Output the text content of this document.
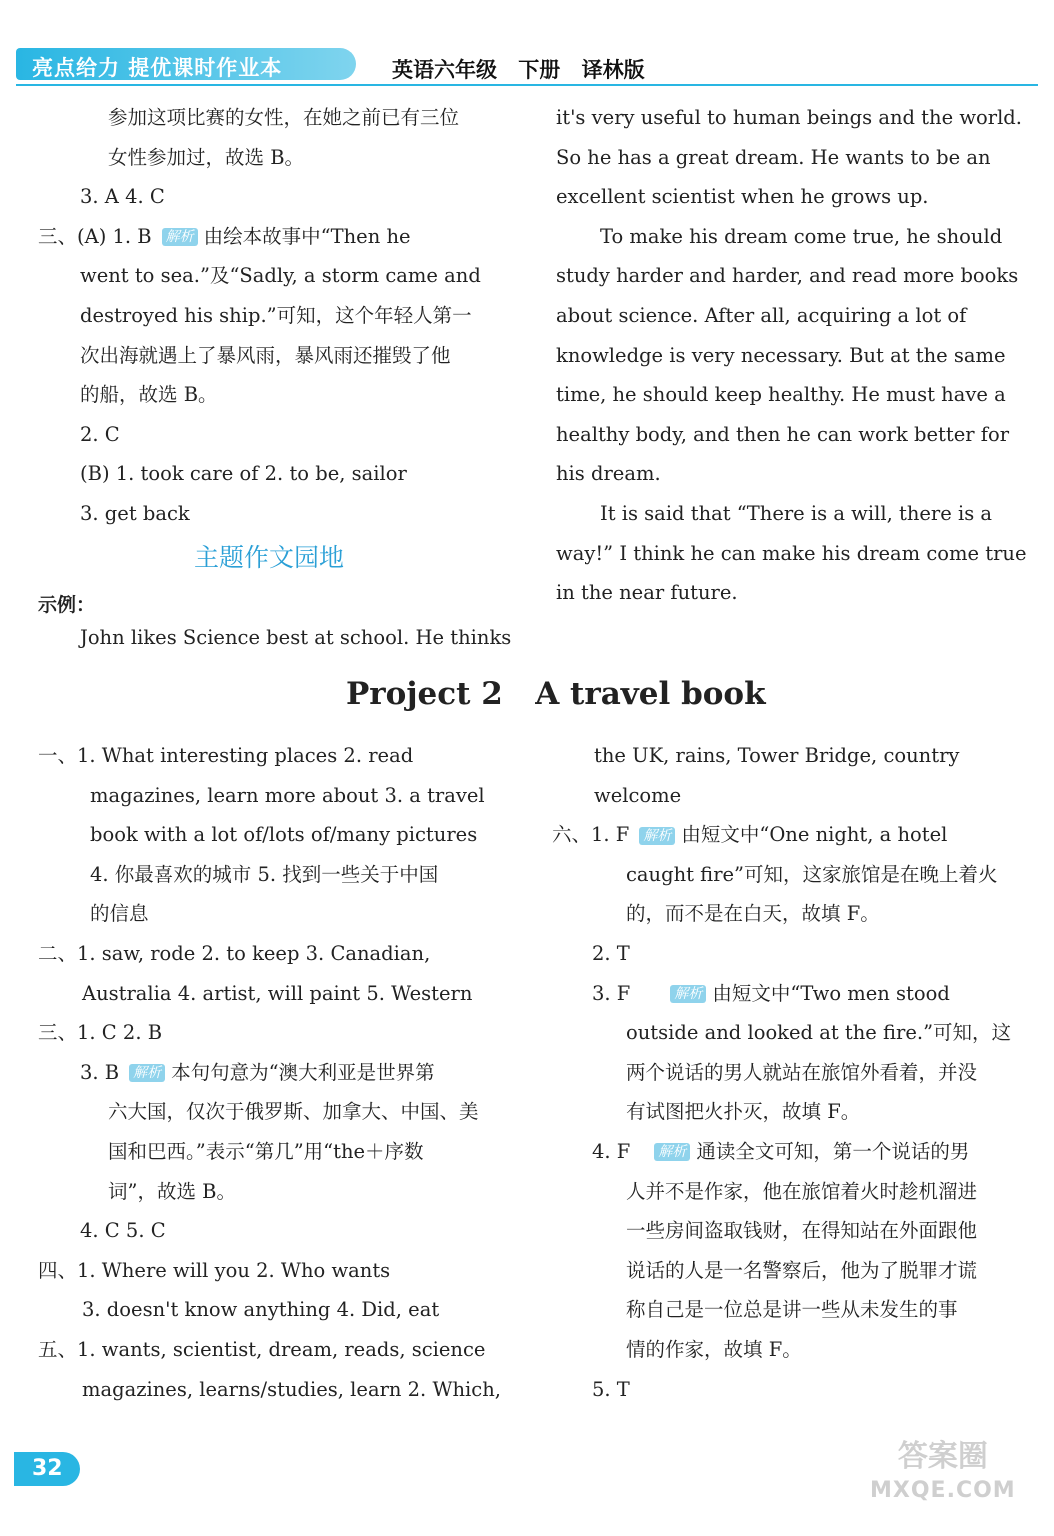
亮点给力 提优课时作业本	英语六年级 下册 译林版

参加这项比赛的女性，在她之前已有三位

女性参加过，故选 B。

3. A 4. C

三、(A) 1. B 解析 由绘本故事中“Then he

went to sea.”及“Sadly, a storm came and

destroyed his ship.”可知，这个年轻人第一

次出海就遇上了暴风雨，暴风雨还摧毁了他

的船，故选 B。

2. C

(B) 1. took care of 2. to be, sailor

3. get back

主题作文园地
示例：

John likes Science best at school. He thinks

it's very useful to human beings and the world.

So he has a great dream. He wants to be an

excellent scientist when he grows up.

To make his dream come true, he should

study harder and harder, and read more books

about science. After all, acquiring a lot of

knowledge is very necessary. But at the same

time, he should keep healthy. He must have a

healthy body, and then he can work better for

his dream.

It is said that “There is a will, there is a

way!” I think he can make his dream come true

in the near future.

Project 2   A travel book

一、1. What interesting places 2. read

magazines, learn more about 3. a travel

book with a lot of/lots of/many pictures

4. 你最喜欢的城市 5. 找到一些关于中国

的信息

二、1. saw, rode 2. to keep 3. Canadian,

Australia 4. artist, will paint 5. Western

三、1. C 2. B

3. B 解析 本句句意为“澳大利亚是世界第

六大国，仅次于俄罗斯、加拿大、中国、美

国和巴西。”表示“第几”用“the＋序数

词”，故选 B。

4. C 5. C

四、1. Where will you 2. Who wants

3. doesn't know anything 4. Did, eat

五、1. wants, scientist, dream, reads, science

magazines, learns/studies, learn 2. Which,

the UK, rains, Tower Bridge, country

welcome

六、1. F 解析 由短文中“One night, a hotel

caught fire”可知，这家旅馆是在晚上着火

的，而不是在白天，故填 F。

2. T

3. F	解析 由短文中“Two men stood

outside and looked at the fire.”可知，这

两个说话的男人就站在旅馆外看着，并没

有试图把火扑灭，故填 F。

4. F 解析 通读全文可知，第一个说话的男

人并不是作家，他在旅馆着火时趁机溜进

一些房间盗取钱财，在得知站在外面跟他

说话的人是一名警察后，他为了脱罪才谎

称自己是一位总是讲一些从未发生的事

情的作家，故填 F。

5. T

32	答案圈
MXQE.COM
